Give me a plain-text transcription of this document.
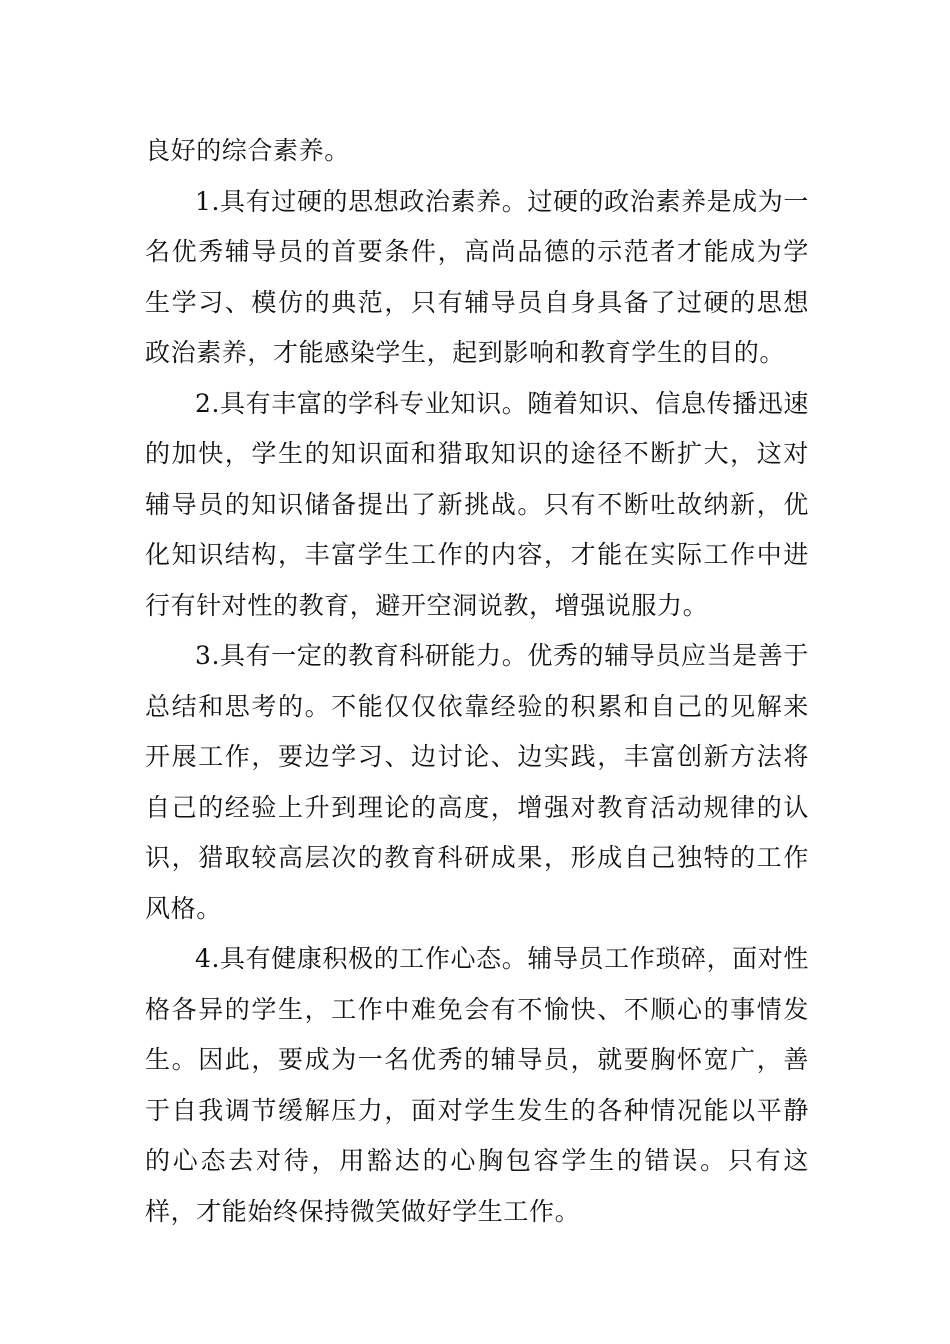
良好的综合素养。

1.具有过硬的思想政治素养。过硬的政治素养是成为一名优秀辅导员的首要条件，高尚品德的示范者才能成为学生学习、模仿的典范，只有辅导员自身具备了过硬的思想政治素养，才能感染学生，起到影响和教育学生的目的。

2.具有丰富的学科专业知识。随着知识、信息传播迅速的加快，学生的知识面和猎取知识的途径不断扩大，这对辅导员的知识储备提出了新挑战。只有不断吐故纳新，优化知识结构，丰富学生工作的内容，才能在实际工作中进行有针对性的教育，避开空洞说教，增强说服力。

3.具有一定的教育科研能力。优秀的辅导员应当是善于总结和思考的。不能仅仅依靠经验的积累和自己的见解来开展工作，要边学习、边讨论、边实践，丰富创新方法将自己的经验上升到理论的高度，增强对教育活动规律的认识，猎取较高层次的教育科研成果，形成自己独特的工作风格。

4.具有健康积极的工作心态。辅导员工作琐碎，面对性格各异的学生，工作中难免会有不愉快、不顺心的事情发生。因此，要成为一名优秀的辅导员，就要胸怀宽广，善于自我调节缓解压力，面对学生发生的各种情况能以平静的心态去对待，用豁达的心胸包容学生的错误。只有这样，才能始终保持微笑做好学生工作。
